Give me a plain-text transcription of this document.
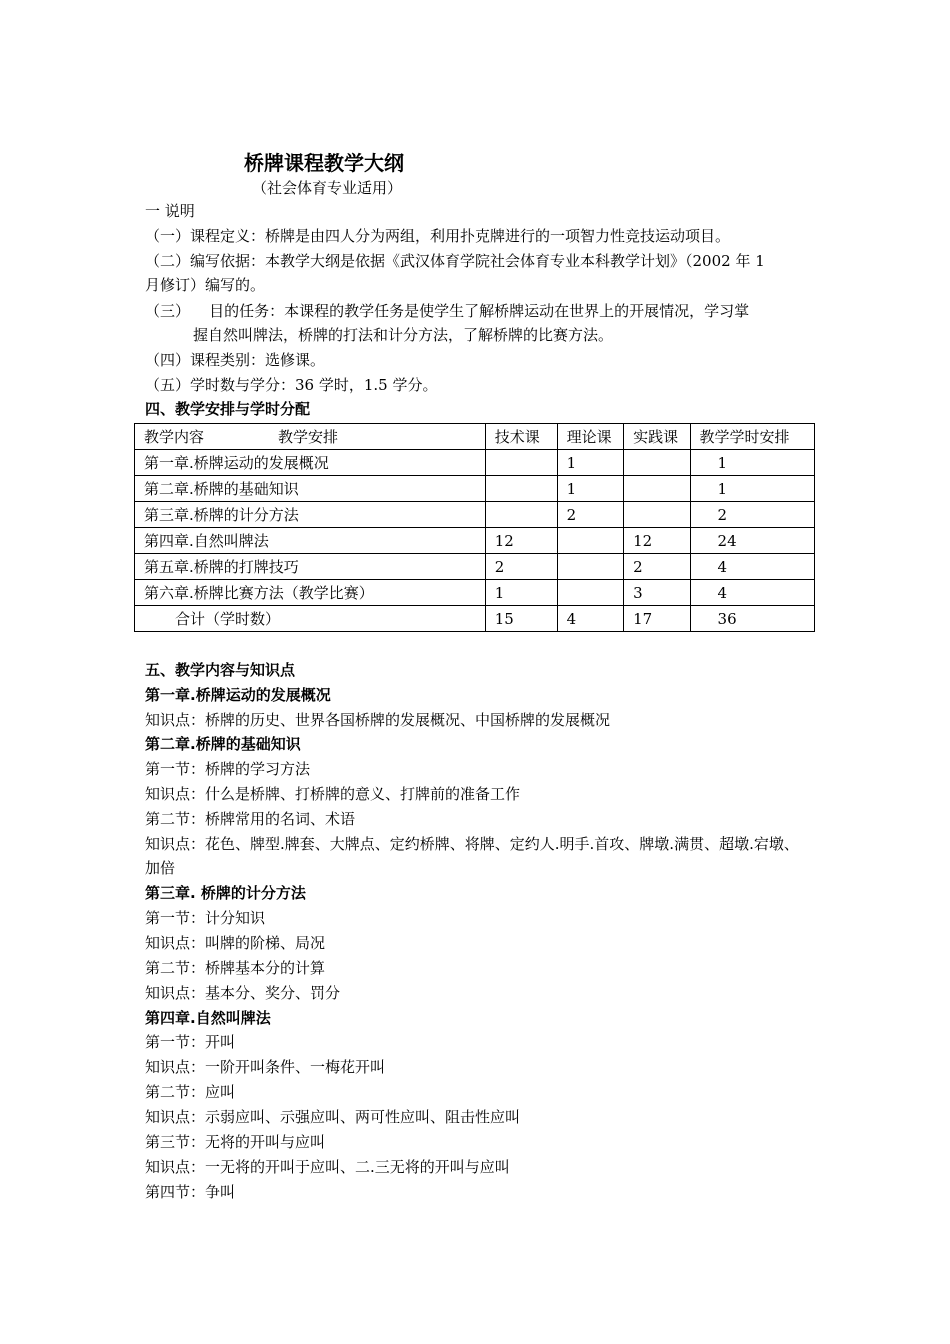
桥牌课程教学大纲
（社会体育专业适用）
一 说明
（一）课程定义：桥牌是由四人分为两组，利用扑克牌进行的一项智力性竞技运动项目。
（二）编写依据：本教学大纲是依据《武汉体育学院社会体育专业本科教学计划》（2002 年 1
月修订）编写的。
（三）    目的任务：本课程的教学任务是使学生了解桥牌运动在世界上的开展情况，学习掌
握自然叫牌法，桥牌的打法和计分方法，了解桥牌的比赛方法。
（四）课程类别：选修课。
（五）学时数与学分：36 学时，1.5 学分。
四、教学安排与学时分配
教学内容 教学安排	技术课	理论课	实践课	教学学时安排
第一章.桥牌运动的发展概况		1		1
第二章.桥牌的基础知识		1		1
第三章.桥牌的计分方法		2		2
第四章.自然叫牌法	12		12	24
第五章.桥牌的打牌技巧	2		2	4
第六章.桥牌比赛方法（教学比赛）	1		3	4
合计（学时数）	15	4	17	36
五、教学内容与知识点
第一章.桥牌运动的发展概况
知识点：桥牌的历史、世界各国桥牌的发展概况、中国桥牌的发展概况
第二章.桥牌的基础知识
第一节：桥牌的学习方法
知识点：什么是桥牌、打桥牌的意义、打牌前的准备工作
第二节：桥牌常用的名词、术语
知识点：花色、牌型.牌套、大牌点、定约桥牌、将牌、定约人.明手.首攻、牌墩.满贯、超墩.宕墩、
加倍
第三章. 桥牌的计分方法
第一节：计分知识
知识点：叫牌的阶梯、局况
第二节：桥牌基本分的计算
知识点：基本分、奖分、罚分
第四章.自然叫牌法
第一节：开叫
知识点：一阶开叫条件、一梅花开叫
第二节：应叫
知识点：示弱应叫、示强应叫、两可性应叫、阻击性应叫
第三节：无将的开叫与应叫
知识点：一无将的开叫于应叫、二.三无将的开叫与应叫
第四节：争叫
